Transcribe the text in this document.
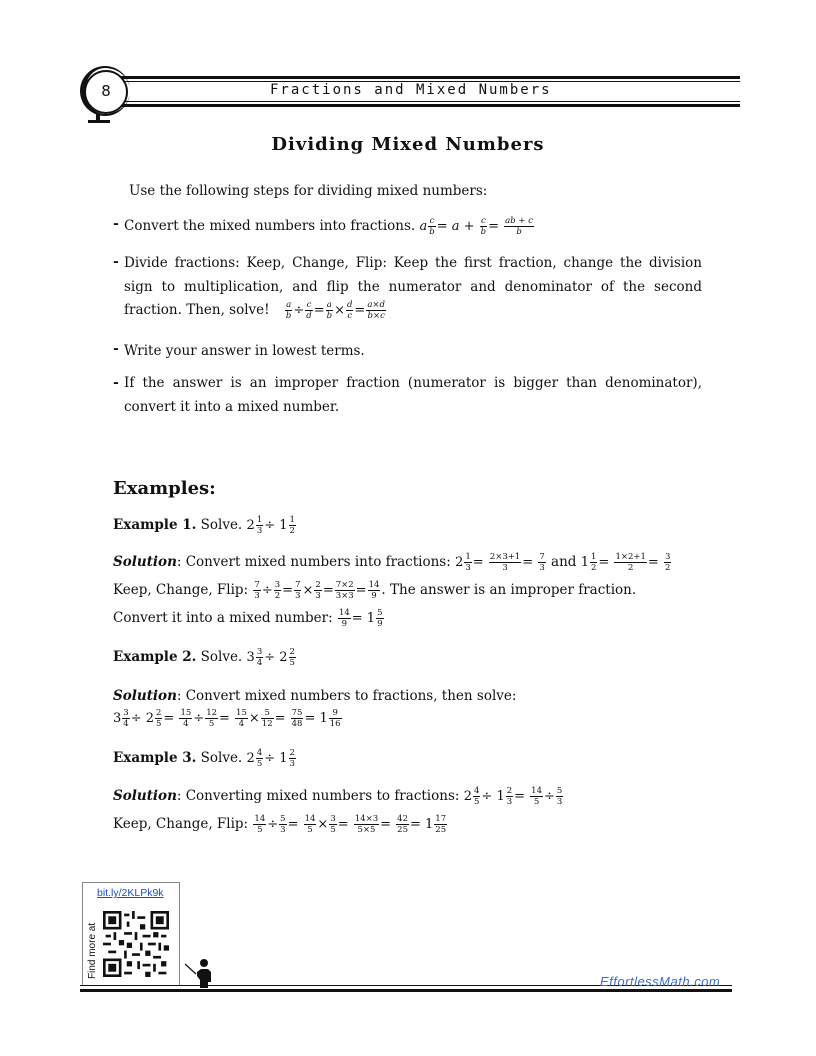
8	Fractions and Mixed Numbers
Dividing Mixed Numbers
Use the following steps for dividing mixed numbers:
- Convert the mixed numbers into fractions. a $\frac{c}{b} = a + \frac{c}{b} = \frac{ab + c}{b}$
- Divide fractions: Keep, Change, Flip: Keep the first fraction, change the division sign to multiplication, and flip the numerator and denominator of the second fraction. Then, solve! $\frac{a}{b} \div \frac{c}{d} = \frac{a}{b} \times \frac{d}{c} = \frac{a\times d}{b\times c}$
- Write your answer in lowest terms.
- If the answer is an improper fraction (numerator is bigger than denominator), convert it into a mixed number.
Examples:
Example 1. Solve. $2 \frac{1}{3} \div 1 \frac{1}{2}$
Solution: Convert mixed numbers into fractions: $2 \frac{1}{3} = \frac{2\times 3+1}{3} = \frac{7}{3}$ and $1 \frac{1}{2} = \frac{1\times 2+1}{2} = \frac{3}{2}$
Keep, Change, Flip: $\frac{7}{3} \div \frac{3}{2} = \frac{7}{3} \times \frac{2}{3} = \frac{7\times 2}{3\times 3} = \frac{14}{9}$ . The answer is an improper fraction.
Convert it into a mixed number: $\frac{14}{9} = 1 \frac{5}{9}$
Example 2. Solve. $3 \frac{3}{4} \div 2 \frac{2}{5}$
Solution: Convert mixed numbers to fractions, then solve:
$3 \frac{3}{4} \div 2 \frac{2}{5} = \frac{15}{4} \div \frac{12}{5} = \frac{15}{4} \times \frac{5}{12} = \frac{75}{48} = 1 \frac{9}{16}$
Example 3. Solve. $2 \frac{4}{5} \div 1 \frac{2}{3}$
Solution: Converting mixed numbers to fractions: $2 \frac{4}{5} \div 1 \frac{2}{3} = \frac{14}{5} \div \frac{5}{3}$
Keep, Change, Flip: $\frac{14}{5} \div \frac{5}{3} = \frac{14}{5} \times \frac{3}{5} = \frac{14\times 3}{5\times 5} = \frac{42}{25} = 1 \frac{17}{25}$
bit.ly/2KLPk9k
Find more at
EffortlessMath.com
